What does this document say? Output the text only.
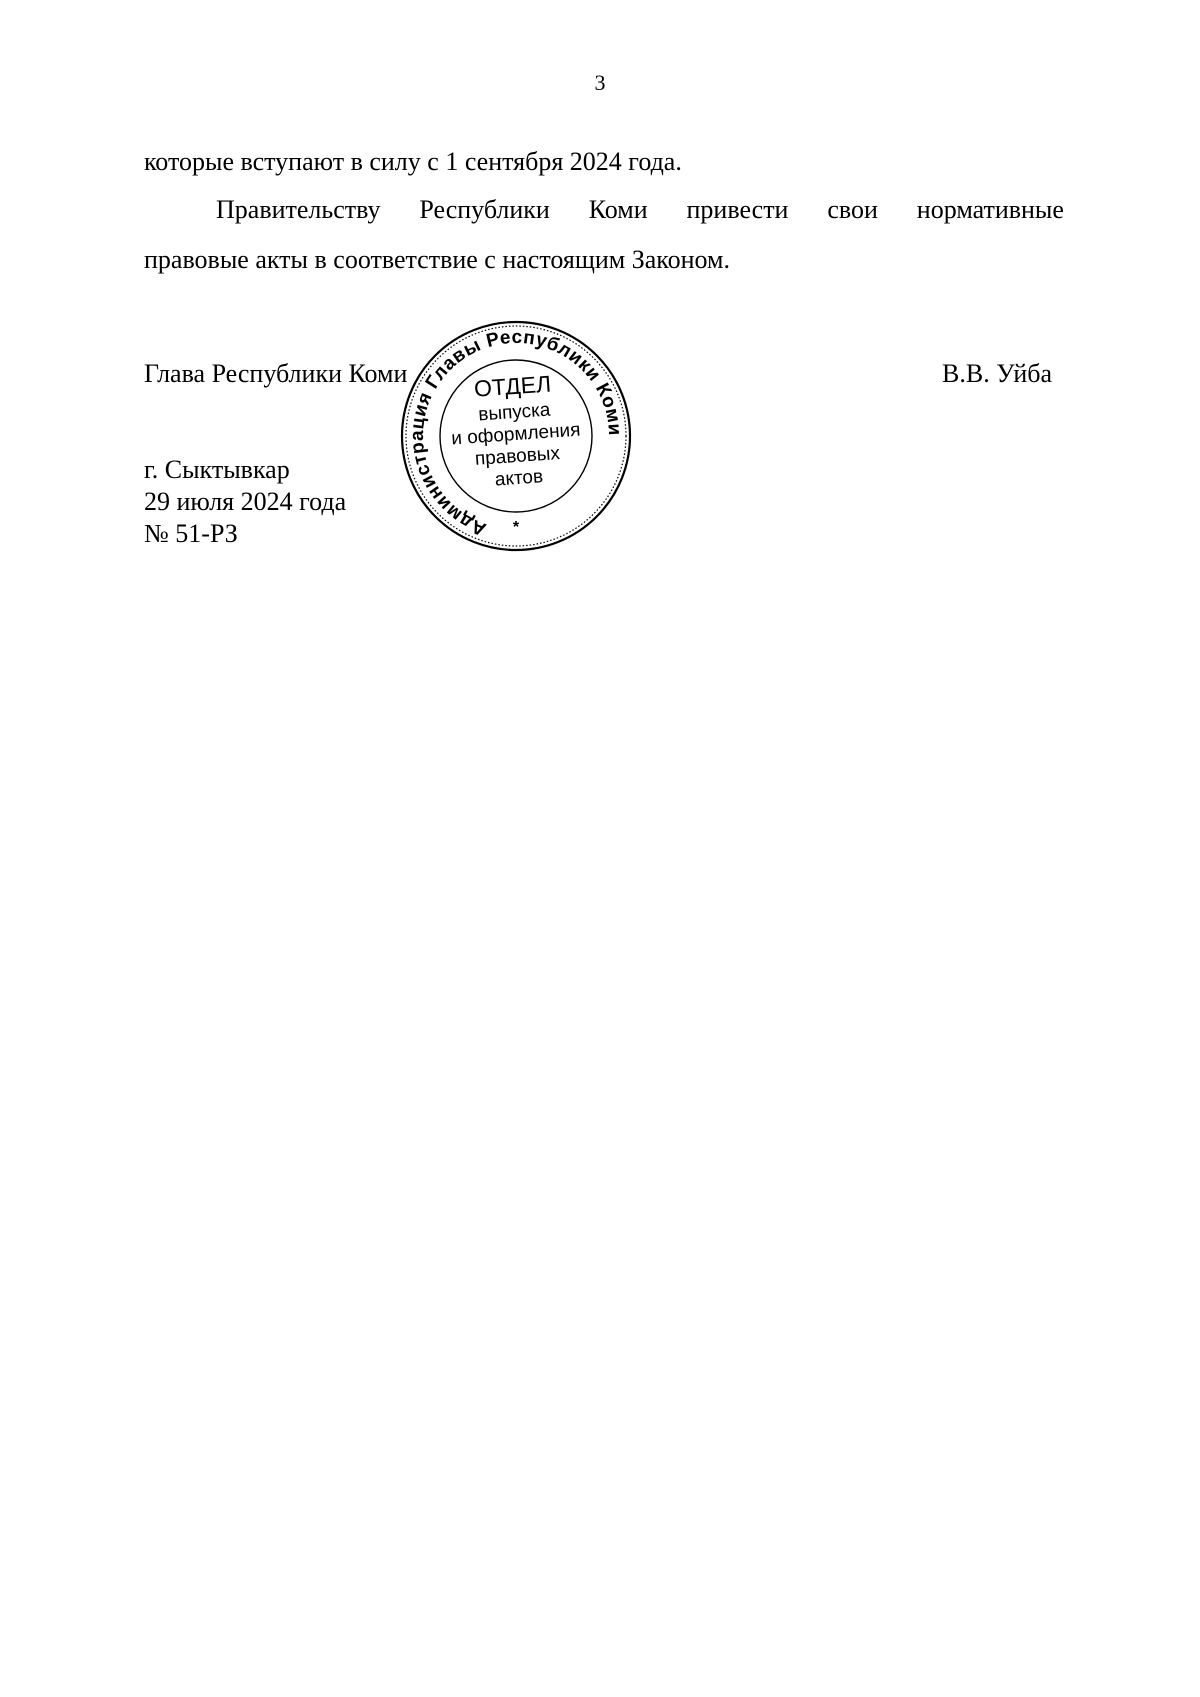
3
которые вступают в силу с 1 сентября 2024 года.
Правительству Республики Коми привести свои нормативные
правовые акты в соответствие с настоящим Законом.
Глава Республики Коми	В.В. Уйба
г. Сыктывкар
29 июля 2024 года
№ 51-РЗ	Администрация Главы Республики Коми
ОТДЕЛ
выпуска
и оформления
правовых
актов
*
